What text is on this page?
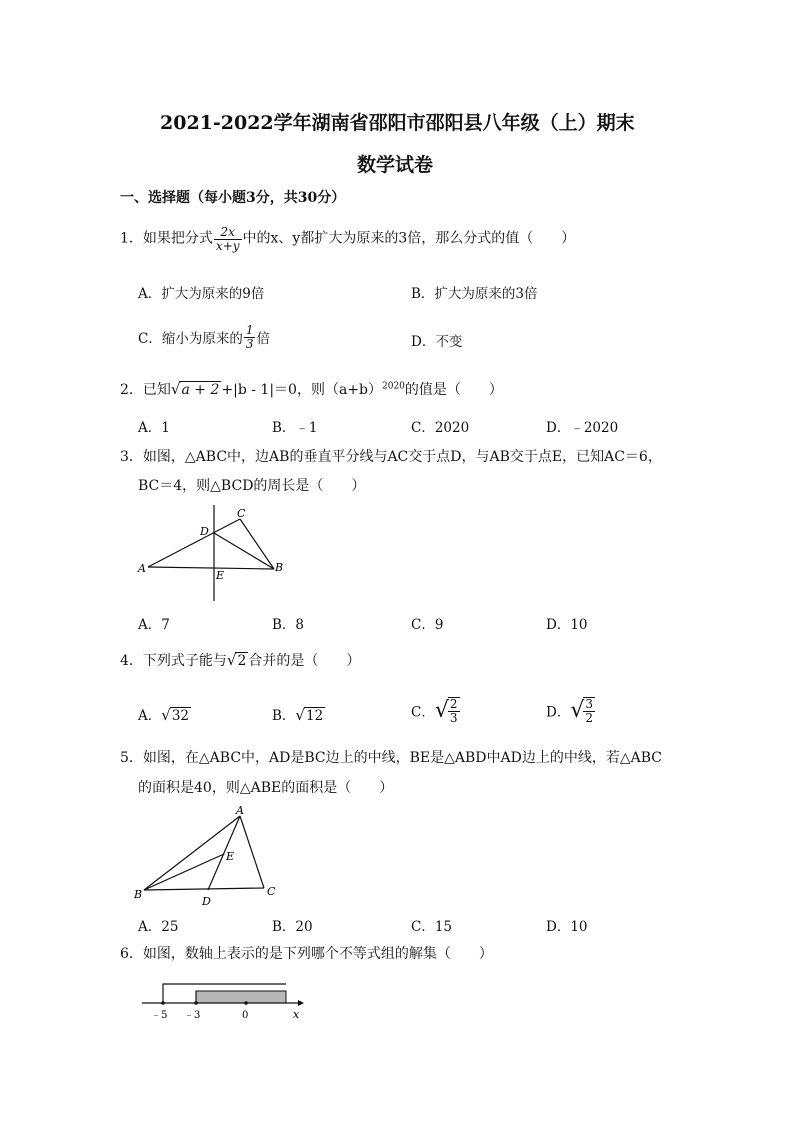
2021-2022学年湖南省邵阳市邵阳县八年级（上）期末
数学试卷
一、选择题（每小题3分，共30分）
1．如果把分式 $\frac{2x}{x+y}$ 中的x、y都扩大为原来的3倍，那么分式的值（　　）
A．扩大为原来的9倍	B．扩大为原来的3倍
C．缩小为原来的 $\frac{1}{3}$ 倍	D．不变
2．已知√a + 2 +|b - 1|＝0，则$(a+b)^{2020}$的值是（　　）
A．1	B．﹣1	C．2020	D．﹣2020
3．如图，△ABC中，边AB的垂直平分线与AC交于点D，与AB交于点E，已知AC＝6，
BC＝4，则△BCD的周长是（　　）
A	B
C
D
E
A．7	B．8	C．9	D．10
4．下列式子能与√2 合并的是（　　）
A．√32	B．√12	C．√ $\frac{2}{3}$	D．√ $\frac{3}{2}$
5．如图，在△ABC中，AD是BC边上的中线，BE是△ABD中AD边上的中线，若△ABC
的面积是40，则△ABE的面积是（　　）
A
B	C
D
E
A．25	B．20	C．15	D．10
6．如图，数轴上表示的是下列哪个不等式组的解集（　　）
﹣5 ﹣3	0	x
